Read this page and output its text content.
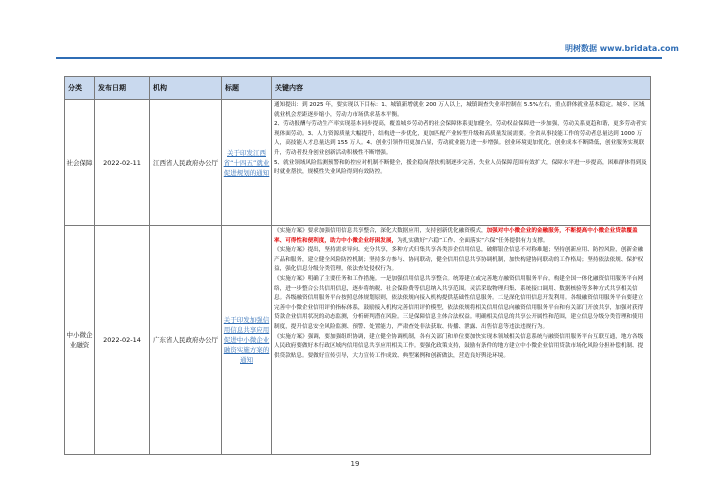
明树数据 www.bridata.com
分类	发布日期	机构	标题	关键内容
社会保障	2022-02-11	江西省人民政府办公厅	关于印发江西省“十四五”就业促进规划的通知	通知提出：到 2025 年，要实现以下目标：1、城镇新增就业 200 万人以上，城镇调查失业率控制在 5.5%左右，重点群体就业基本稳定。城乡、区域就业机会差距逐步缩小，劳动力市场供求基本平衡。

2、劳动报酬与劳动生产率实现基本同步提高，覆盖城乡劳动者的社会保障体系更加健全，劳动权益保障进一步加强，劳动关系更趋和谐，更多劳动者实现体面劳动。3、人力资源质量大幅提升，结构进一步优化，更加匹配产业转型升级和高质量发展需要。全省从事技能工作的劳动者总量达到 1000 万人，高技能人才总量达到 155 万人。4、创业引领作用更加凸显，劳动就业能力进一步增强。创业环境更加优化，创业成本不断降低，创业服务实现联升，劳动者投身创业创新活动积极性不断增强。

5、就业领域风险监测预警和防控应对机制不断健全，援企稳岗帮扶机制逐步完善，失业人员保障范围有效扩大，保障水平进一步提高，困难群体得到及时就业帮扶，规模性失业风险得到有效防控。

中小微企业融资	2022-02-14	广东省人民政府办公厅	关于印发加强信用信息共享应用促进中小微企业融资实施方案的通知	《实施方案》要求加强信用信息共享整合，深化大数据应用，支持创新优化融资模式，加强对中小微企业的金融服务，不断提高中小微企业贷款覆盖率、可得性和便利度，助力中小微企业纾困发展，为扎实做好“六稳”工作、全面落实“六保”任务提供有力支撑。

《实施方案》提出，坚持需求导向、充分共享，多种方式归集共享各类涉企信用信息，破解银企信息不对称难题；坚持创新应用、防控风险，创新金融产品和服务，建立健全风险防控机制；坚持多方参与、协同联动，健全信用信息共享协调机制，加快构建协同联动的工作格局；坚持依法依规、保护权益，强化信息分级分类管理，依法查处侵权行为。

《实施方案》明确了主要任务和工作措施。一是加强信用信息共享整合。统筹建立或完善地方融资信用服务平台，构建全国一体化融资信用服务平台网络，进一步整合公共信用信息，逐步将纳税、社会保险费等信息纳入共享范围。灵活采取物理归集、系统接口调用、数据核验等多种方式共享相关信息。各级融资信用服务平台按照总体规划原则，依法依规向接入机构提供基础性信息服务。二是深化信用信息开发利用。各级融资信用服务平台要建立完善中小微企业信用评价指标体系，鼓励接入机构完善信用评价模型，依法依规将相关信用信息向融资信用服务平台和有关部门开放共享，加强对获得贷款企业信用状况的动态监测，分析研判潜在风险。三是保障信息主体合法权益。明确相关信息的共享公开属性和范围，建立信息分级分类管理和使用制度，提升信息安全风险监测、预警、处置能力，严肃查处非法获取、传播、泄露、出售信息等违法违规行为。

《实施方案》强调，要加强组织协调，建立健全协调机制，各有关部门和单位要加快实现本领域相关信息系统与融资信用服务平台互联互通，地方各级人民政府要做好本行政区域内信用信息共享应用相关工作。要强化政策支持，鼓励有条件的地方建立中小微企业信用贷款市场化风险分担补偿机制、提供贷款贴息。要做好宣传引导，大力宣传工作成效、典型案例和创新做法，营造良好舆论环境。

19
